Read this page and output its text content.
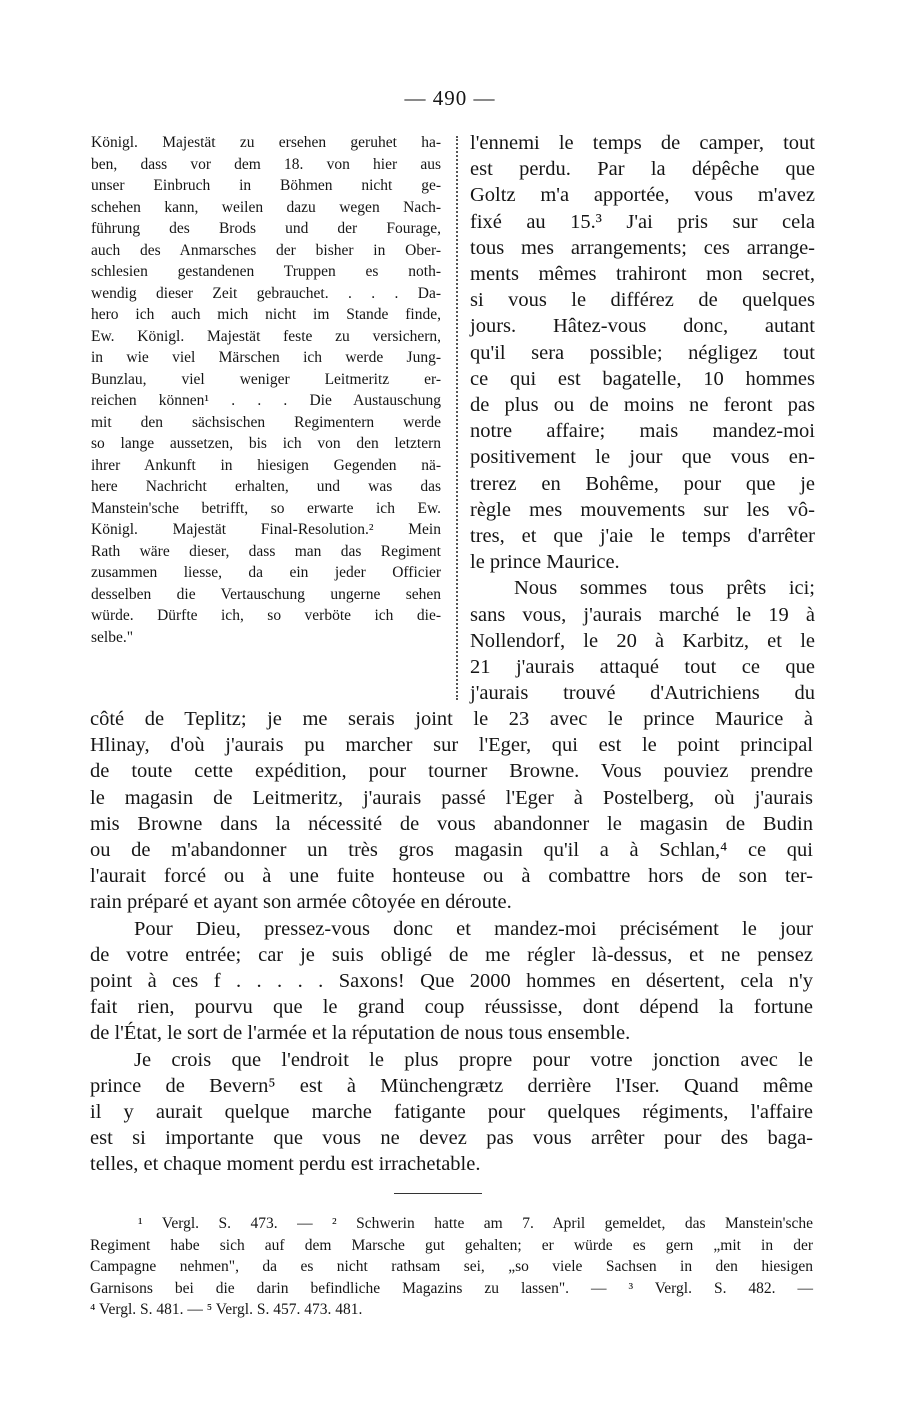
— 490 —
Königl. Majestät zu ersehen geruhet ha-
ben, dass vor dem 18. von hier aus
unser Einbruch in Böhmen nicht ge-
schehen kann, weilen dazu wegen Nach-
führung des Brods und der Fourage,
auch des Anmarsches der bisher in Ober-
schlesien gestandenen Truppen es noth-
wendig dieser Zeit gebrauchet. . . . Da-
hero ich auch mich nicht im Stande finde,
Ew. Königl. Majestät feste zu versichern,
in wie viel Märschen ich werde Jung-
Bunzlau, viel weniger Leitmeritz er-
reichen können¹ . . . Die Austauschung
mit den sächsischen Regimentern werde
so lange aussetzen, bis ich von den letztern
ihrer Ankunft in hiesigen Gegenden nä-
here Nachricht erhalten, und was das
Manstein'sche betrifft, so erwarte ich Ew.
Königl. Majestät Final-Resolution.² Mein
Rath wäre dieser, dass man das Regiment
zusammen liesse, da ein jeder Officier
desselben die Vertauschung ungerne sehen
würde. Dürfte ich, so verböte ich die-
selbe."
l'ennemi le temps de camper, tout
est perdu. Par la dépêche que
Goltz m'a apportée, vous m'avez
fixé au 15.³ J'ai pris sur cela
tous mes arrangements; ces arrange-
ments mêmes trahiront mon secret,
si vous le différez de quelques
jours. Hâtez-vous donc, autant
qu'il sera possible; négligez tout
ce qui est bagatelle, 10 hommes
de plus ou de moins ne feront pas
notre affaire; mais mandez-moi
positivement le jour que vous en-
trerez en Bohême, pour que je
règle mes mouvements sur les vô-
tres, et que j'aie le temps d'arrêter
le prince Maurice.
Nous sommes tous prêts ici;
sans vous, j'aurais marché le 19 à
Nollendorf, le 20 à Karbitz, et le
21 j'aurais attaqué tout ce que
j'aurais trouvé d'Autrichiens du
côté de Teplitz; je me serais joint le 23 avec le prince Maurice à
Hlinay, d'où j'aurais pu marcher sur l'Eger, qui est le point principal
de toute cette expédition, pour tourner Browne. Vous pouviez prendre
le magasin de Leitmeritz, j'aurais passé l'Eger à Postelberg, où j'aurais
mis Browne dans la nécessité de vous abandonner le magasin de Budin
ou de m'abandonner un très gros magasin qu'il a à Schlan,⁴ ce qui
l'aurait forcé ou à une fuite honteuse ou à combattre hors de son ter-
rain préparé et ayant son armée côtoyée en déroute.
Pour Dieu, pressez-vous donc et mandez-moi précisément le jour
de votre entrée; car je suis obligé de me régler là-dessus, et ne pensez
point à ces f . . . . . Saxons! Que 2000 hommes en désertent, cela n'y
fait rien, pourvu que le grand coup réussisse, dont dépend la fortune
de l'État, le sort de l'armée et la réputation de nous tous ensemble.
Je crois que l'endroit le plus propre pour votre jonction avec le
prince de Bevern⁵ est à Münchengrætz derrière l'Iser. Quand même
il y aurait quelque marche fatigante pour quelques régiments, l'affaire
est si importante que vous ne devez pas vous arrêter pour des baga-
telles, et chaque moment perdu est irrachetable.
¹ Vergl. S. 473. — ² Schwerin hatte am 7. April gemeldet, das Manstein'sche
Regiment habe sich auf dem Marsche gut gehalten; er würde es gern „mit in der
Campagne nehmen", da es nicht rathsam sei, „so viele Sachsen in den hiesigen
Garnisons bei die darin befindliche Magazins zu lassen". — ³ Vergl. S. 482. —
⁴ Vergl. S. 481. — ⁵ Vergl. S. 457. 473. 481.
